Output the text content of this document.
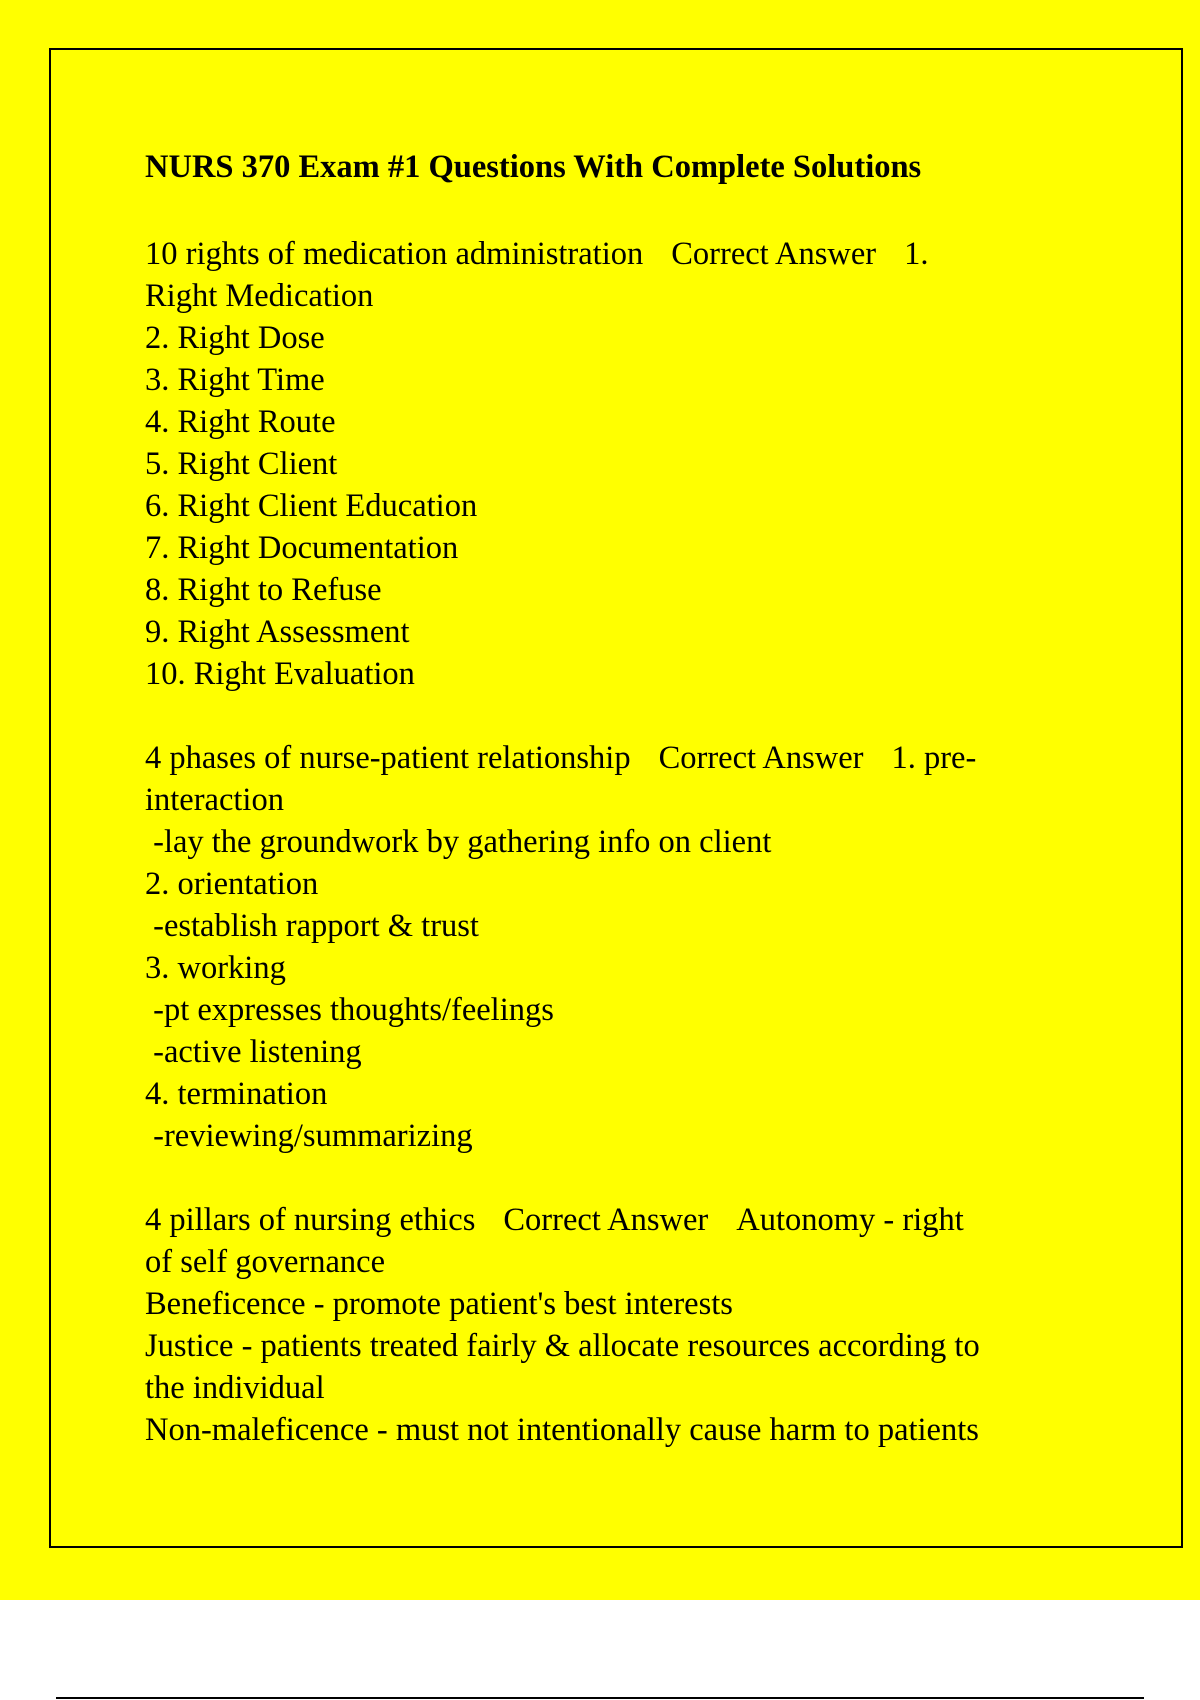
NURS 370 Exam #1 Questions With Complete Solutions
10 rights of medication administration Correct Answer 1.
Right Medication
2. Right Dose
3. Right Time
4. Right Route
5. Right Client
6. Right Client Education
7. Right Documentation
8. Right to Refuse
9. Right Assessment
10. Right Evaluation
4 phases of nurse-patient relationship Correct Answer 1. pre-
interaction
-lay the groundwork by gathering info on client
2. orientation
-establish rapport & trust
3. working
-pt expresses thoughts/feelings
-active listening
4. termination
-reviewing/summarizing
4 pillars of nursing ethics Correct Answer Autonomy - right
of self governance
Beneficence - promote patient's best interests
Justice - patients treated fairly & allocate resources according to
the individual
Non-maleficence - must not intentionally cause harm to patients
